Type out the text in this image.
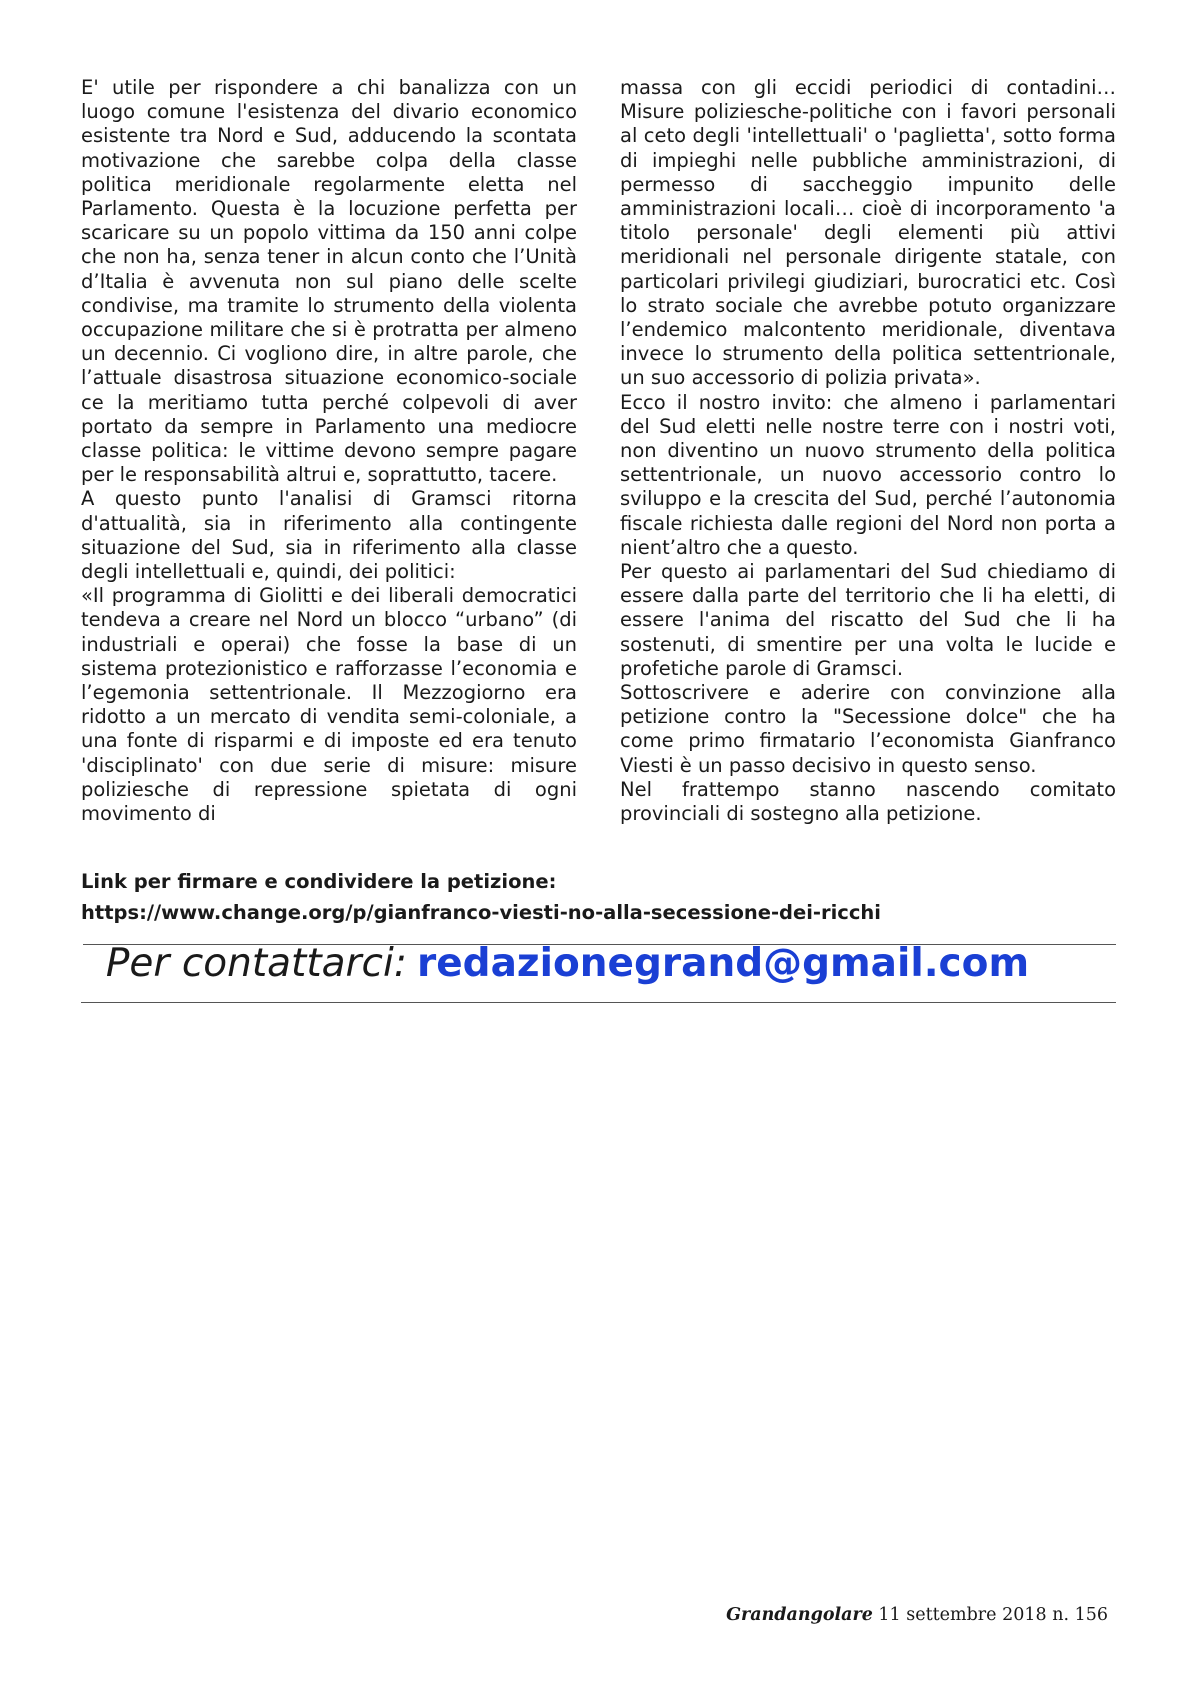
E' utile per rispondere a chi banalizza con un luogo comune l'esistenza del divario economico esistente tra Nord e Sud, adducendo la scontata motivazione che sarebbe colpa della classe politica meridionale regolarmente eletta nel Parlamento. Questa è la locuzione perfetta per scaricare su un popolo vittima da 150 anni colpe che non ha, senza tener in alcun conto che l’Unità d’Italia è avvenuta non sul piano delle scelte condivise, ma tramite lo strumento della violenta occupazione militare che si è protratta per almeno un decennio. Ci vogliono dire, in altre parole, che l’attuale disastrosa situazione economico-sociale ce la meritiamo tutta perché colpevoli di aver portato da sempre in Parlamento una mediocre classe politica: le vittime devono sempre pagare per le responsabilità altrui e, soprattutto, tacere.

A questo punto l'analisi di Gramsci ritorna d'attualità, sia in riferimento alla contingente situazione del Sud, sia in riferimento alla classe degli intellettuali e, quindi, dei politici:

«Il programma di Giolitti e dei liberali democratici tendeva a creare nel Nord un blocco “urbano” (di industriali e operai) che fosse la base di un sistema protezionistico e rafforzasse l’economia e l’egemonia settentrionale. Il Mezzogiorno era ridotto a un mercato di vendita semi-coloniale, a una fonte di risparmi e di imposte ed era tenuto 'disciplinato' con due serie di misure: misure poliziesche di repressione spietata di ogni movimento di

massa con gli eccidi periodici di contadini… Misure poliziesche-politiche con i favori personali al ceto degli 'intellettuali' o 'paglietta', sotto forma di impieghi nelle pubbliche amministrazioni, di permesso di saccheggio impunito delle amministrazioni locali… cioè di incorporamento 'a titolo personale' degli elementi più attivi meridionali nel personale dirigente statale, con particolari privilegi giudiziari, burocratici etc. Così lo strato sociale che avrebbe potuto organizzare l’endemico malcontento meridionale, diventava invece lo strumento della politica settentrionale, un suo accessorio di polizia privata».

Ecco il nostro invito: che almeno i parlamentari del Sud eletti nelle nostre terre con i nostri voti, non diventino un nuovo strumento della politica settentrionale, un nuovo accessorio contro lo sviluppo e la crescita del Sud, perché l’autonomia fiscale richiesta dalle regioni del Nord non porta a nient’altro che a questo.

Per questo ai parlamentari del Sud chiediamo di essere dalla parte del territorio che li ha eletti, di essere l'anima del riscatto del Sud che li ha sostenuti, di smentire per una volta le lucide e profetiche parole di Gramsci.

Sottoscrivere e aderire con convinzione alla petizione contro la "Secessione dolce" che ha come primo firmatario l’economista Gianfranco Viesti è un passo decisivo in questo senso.

Nel frattempo stanno nascendo comitato provinciali di sostegno alla petizione.

Link per firmare e condividere la petizione:
https://www.change.org/p/gianfranco-viesti-no-alla-secessione-dei-ricchi
Per contattarci: redazionegrand@gmail.com
Grandangolare 11 settembre 2018 n. 156
